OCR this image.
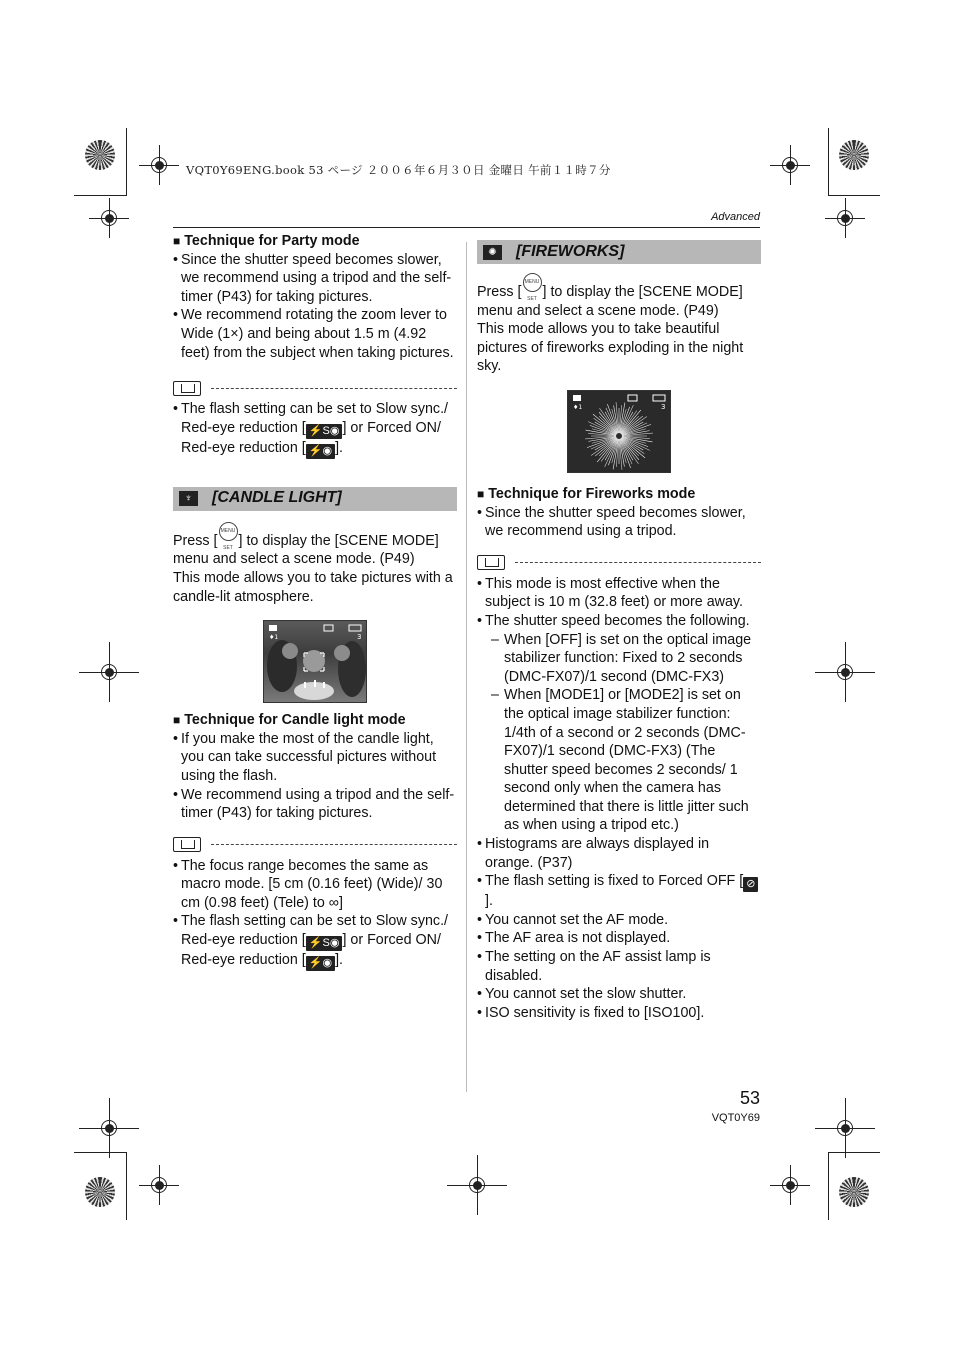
VQT0Y69ENG.book 53 ページ ２００６年６月３０日 金曜日 午前１１時７分
Advanced

■ Technique for Party mode

• Since the shutter speed becomes slower, we recommend using a tripod and the self-timer (P43) for taking pictures.
• We recommend rotating the zoom lever to Wide (1×) and being about 1.5 m (4.92 feet) from the subject when taking pictures.
• The flash setting can be set to Slow sync./ Red-eye reduction [ ⚡S◉ ] or Forced ON/ Red-eye reduction [ ⚡◉ ].
♆	[CANDLE LIGHT]

Press [MENU SET ] to display the [SCENE MODE] menu and select a scene mode. (P49)

This mode allows you to take pictures with a candle-lit atmosphere.

♦1	3

■ Technique for Candle light mode

• If you make the most of the candle light, you can take successful pictures without using the flash.
• We recommend using a tripod and the self-timer (P43) for taking pictures.
• The focus range becomes the same as macro mode. [5 cm (0.16 feet) (Wide)/ 30 cm (0.98 feet) (Tele) to ∞]
• The flash setting can be set to Slow sync./ Red-eye reduction [ ⚡S◉ ] or Forced ON/ Red-eye reduction [ ⚡◉ ].
✺	[FIREWORKS]

Press [MENU SET ] to display the [SCENE MODE] menu and select a scene mode. (P49)

This mode allows you to take beautiful pictures of fireworks exploding in the night sky.

♦1	3

■ Technique for Fireworks mode

• Since the shutter speed becomes slower, we recommend using a tripod.
• This mode is most effective when the subject is 10 m (32.8 feet) or more away.
• The shutter speed becomes the following.
– When [OFF] is set on the optical image stabilizer function: Fixed to 2 seconds (DMC-FX07)/1 second (DMC-FX3)
– When [MODE1] or [MODE2] is set on the optical image stabilizer function: 1/4th of a second or 2 seconds (DMC-FX07)/1 second (DMC-FX3) (The shutter speed becomes 2 seconds/ 1 second only when the camera has determined that there is little jitter such as when using a tripod etc.)
• Histograms are always displayed in orange. (P37)
• The flash setting is fixed to Forced OFF [ ⊘].
• You cannot set the AF mode.
• The AF area is not displayed.
• The setting on the AF assist lamp is disabled.
• You cannot set the slow shutter.
• ISO sensitivity is fixed to [ISO100].
53
VQT0Y69
